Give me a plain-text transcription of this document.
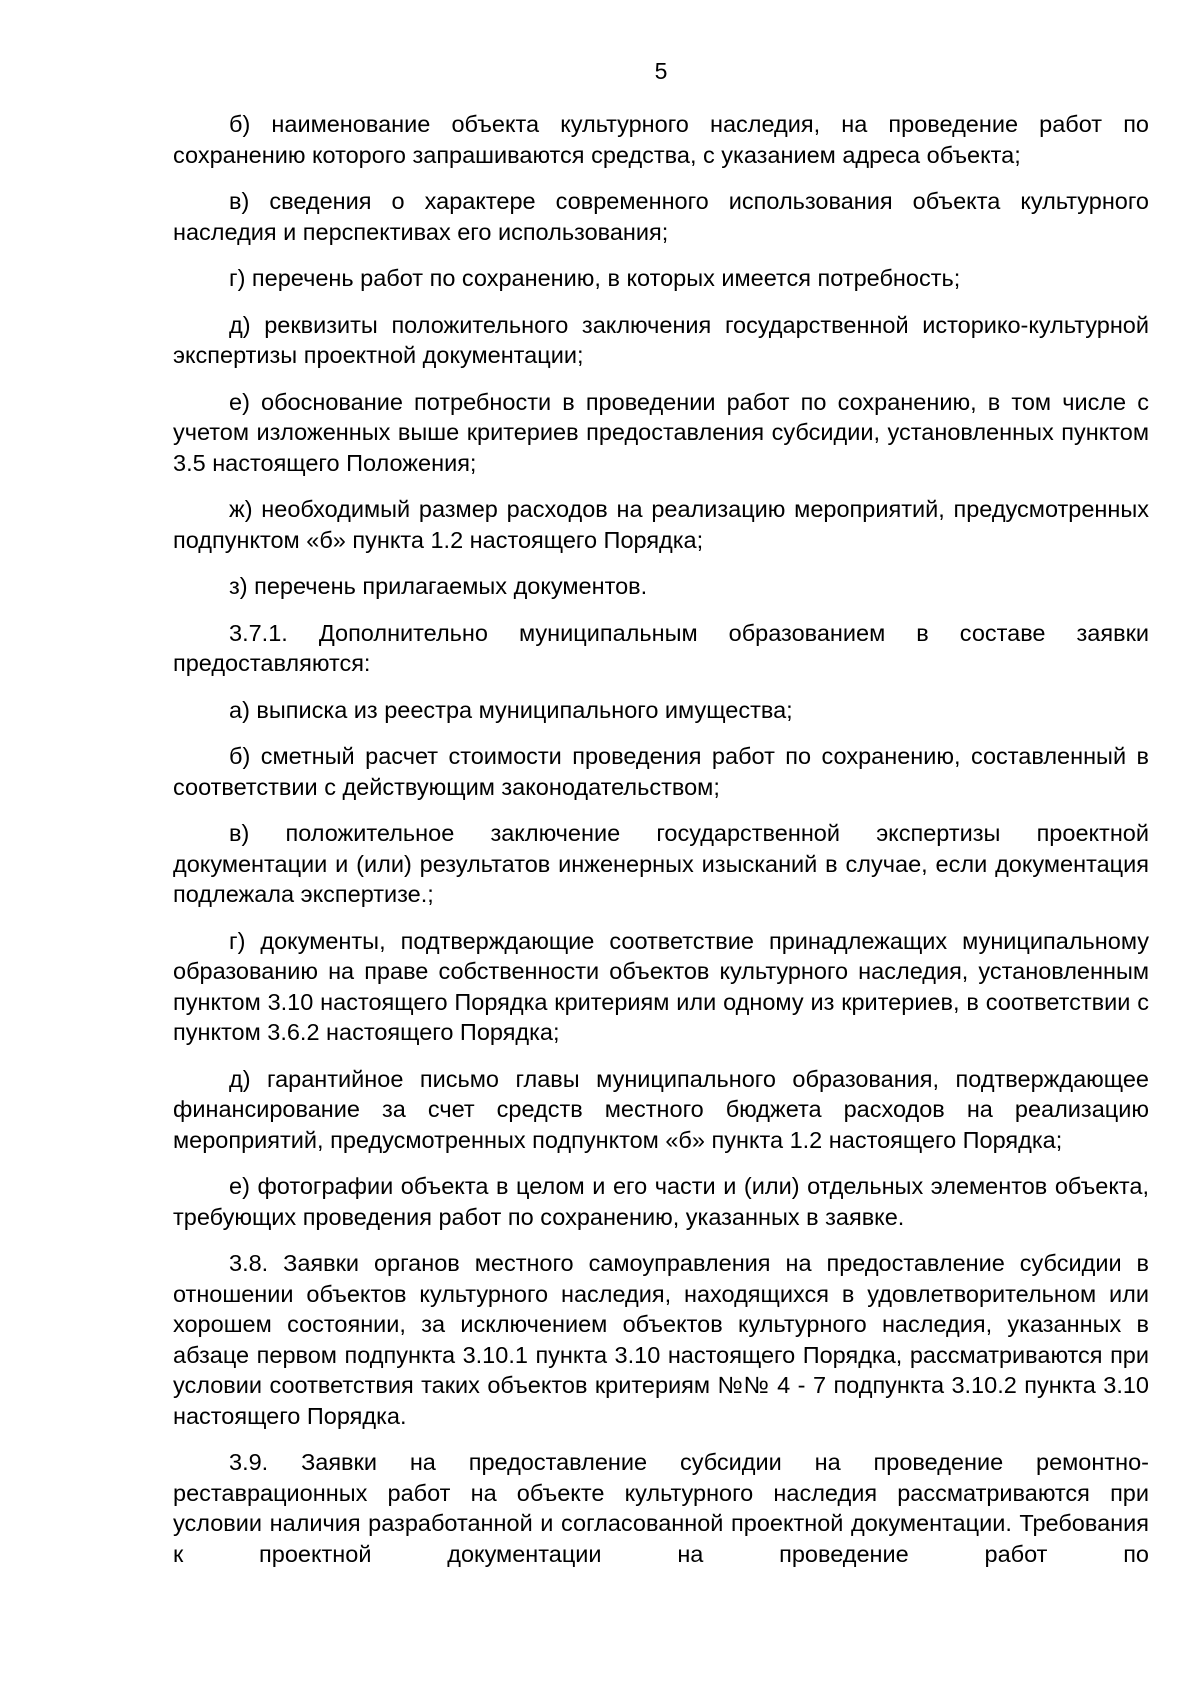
5

б) наименование объекта культурного наследия, на проведение работ по сохранению которого запрашиваются средства, с указанием адреса объекта;

в) сведения о характере современного использования объекта культурного наследия и перспективах его использования;

г) перечень работ по сохранению, в которых имеется потребность;

д) реквизиты положительного заключения государственной историко-культурной экспертизы проектной документации;

е) обоснование потребности в проведении работ по сохранению, в том числе с учетом изложенных выше критериев предоставления субсидии, установленных пунктом 3.5 настоящего Положения;

ж) необходимый размер расходов на реализацию мероприятий, предусмотренных подпунктом «б» пункта 1.2 настоящего Порядка;

з) перечень прилагаемых документов.

3.7.1. Дополнительно муниципальным образованием в составе заявки предоставляются:

а) выписка из реестра муниципального имущества;

б) сметный расчет стоимости проведения работ по сохранению, составленный в соответствии с действующим законодательством;

в) положительное заключение государственной экспертизы проектной документации и (или) результатов инженерных изысканий в случае, если документация подлежала экспертизе.;

г) документы, подтверждающие соответствие принадлежащих муниципальному образованию на праве собственности объектов культурного наследия, установленным пунктом 3.10 настоящего Порядка критериям или одному из критериев, в соответствии с пунктом 3.6.2 настоящего Порядка;

д) гарантийное письмо главы муниципального образования, подтверждающее финансирование за счет средств местного бюджета расходов на реализацию мероприятий, предусмотренных подпунктом «б» пункта 1.2 настоящего Порядка;

е) фотографии объекта в целом и его части и (или) отдельных элементов объекта, требующих проведения работ по сохранению, указанных в заявке.

3.8. Заявки органов местного самоуправления на предоставление субсидии в отношении объектов культурного наследия, находящихся в удовлетворительном или хорошем состоянии, за исключением объектов культурного наследия, указанных в абзаце первом подпункта 3.10.1 пункта 3.10 настоящего Порядка, рассматриваются при условии соответствия таких объектов критериям №№ 4 - 7 подпункта 3.10.2 пункта 3.10 настоящего Порядка.

3.9. Заявки на предоставление субсидии на проведение ремонтно-реставрационных работ на объекте культурного наследия рассматриваются при условии наличия разработанной и согласованной проектной документации. Требования к проектной документации на проведение работ по
